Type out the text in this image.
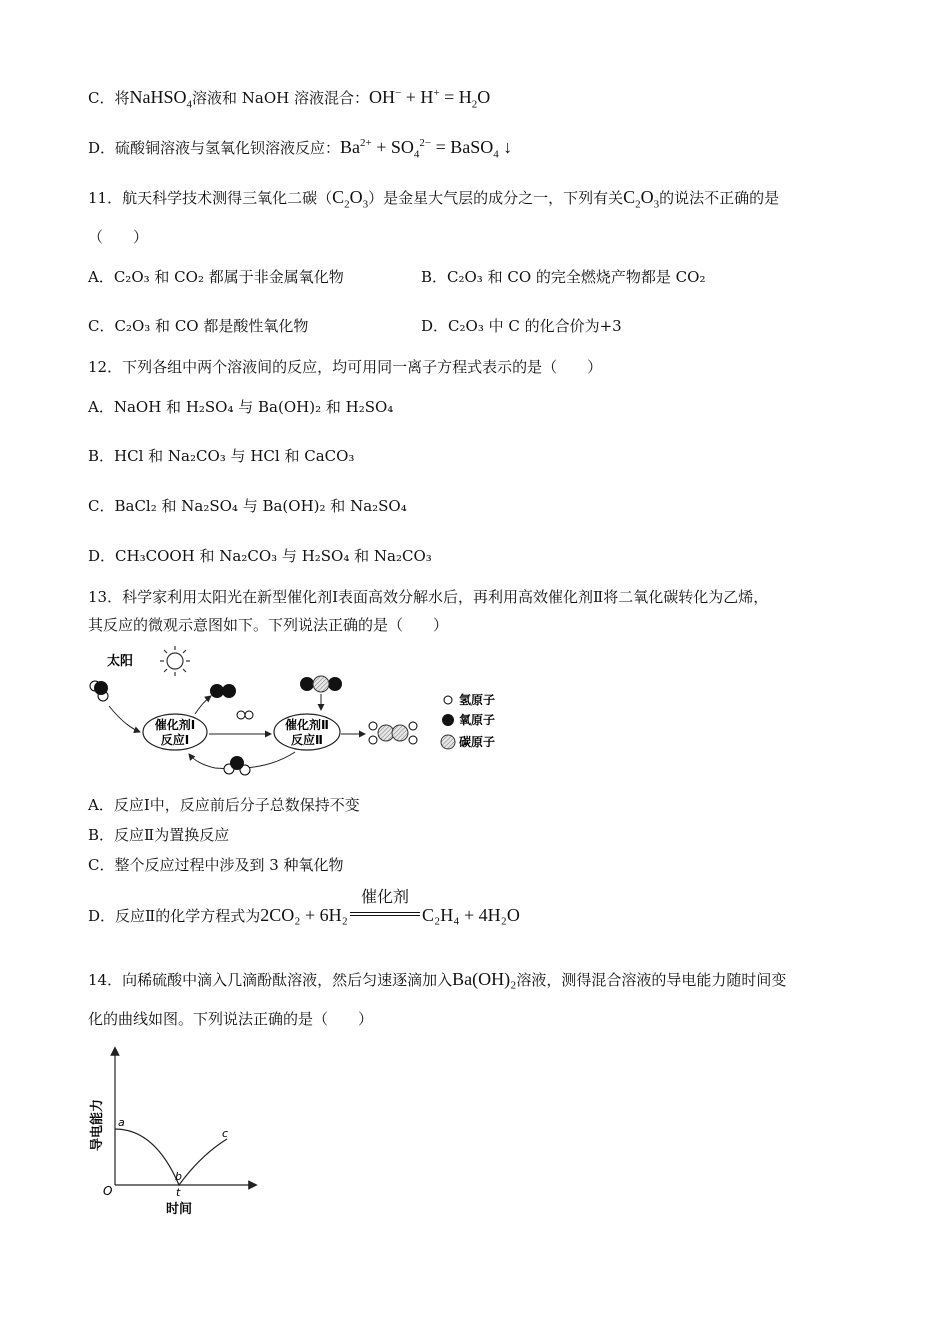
C．将NaHSO$_4$溶液和 NaOH 溶液混合：$OH^- + H^+ = H_2O$
D．硫酸铜溶液与氢氧化钡溶液反应：$Ba^{2+} + SO_4^{2-}$ = BaSO$_4$ ↓
11．航天科学技术测得三氧化二碳$(C_2O_3)$是金星大气层的成分之一，下列有关$C_2O_3$的说法不正确的是
（　　）
A．C₂O₃ 和 CO₂ 都属于非金属氧化物	B．C₂O₃ 和 CO 的完全燃烧产物都是 CO₂
C．C₂O₃ 和 CO 都是酸性氧化物	D．C₂O₃ 中 C 的化合价为+3
12．下列各组中两个溶液间的反应，均可用同一离子方程式表示的是（　　）
A．NaOH 和 H₂SO₄ 与 Ba(OH)₂ 和 H₂SO₄
B．HCl 和 Na₂CO₃ 与 HCl 和 CaCO₃
C．BaCl₂ 和 Na₂SO₄ 与 Ba(OH)₂ 和 Na₂SO₄
D．CH₃COOH 和 Na₂CO₃ 与 H₂SO₄ 和 Na₂CO₃
13．科学家利用太阳光在新型催化剂Ⅰ表面高效分解水后，再利用高效催化剂Ⅱ将二氧化碳转化为乙烯，
其反应的微观示意图如下。下列说法正确的是（　　）
太阳
催化剂Ⅰ
反应Ⅰ
催化剂Ⅱ
反应Ⅱ
氢原子
氧原子
碳原子
A．反应Ⅰ中，反应前后分子总数保持不变
B．反应Ⅱ为置换反应
C．整个反应过程中涉及到 3 种氧化物
D．反应Ⅱ的化学方程式为2CO₂ + 6H₂
催化剂
C₂H₄ + 4H₂O
14．向稀硫酸中滴入几滴酚酞溶液，然后匀速逐滴加入Ba(OH)₂溶液，测得混合溶液的导电能力随时间变
化的曲线如图。下列说法正确的是（　　）
导电能力
时间
O
a
b
c
t
